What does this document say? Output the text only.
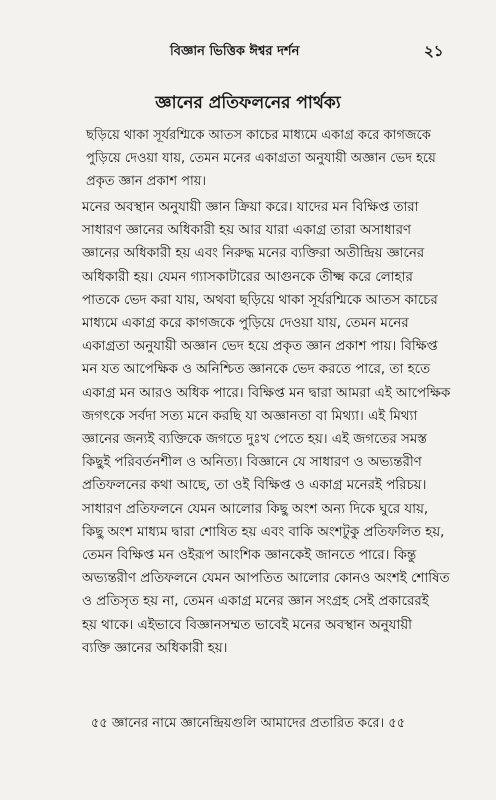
বিজ্ঞান ভিত্তিক ঈশ্বর দর্শন	২১
জ্ঞানের প্রতিফলনের পার্থক্য
ছড়িয়ে থাকা সূর্যরশ্মিকে আতস কাচের মাধ্যমে একাগ্র করে কাগজকে
পুড়িয়ে দেওয়া যায়, তেমন মনের একাগ্রতা অনুযায়ী অজ্ঞান ভেদ হয়ে
প্রকৃত জ্ঞান প্রকাশ পায়।
মনের অবস্থান অনুযায়ী জ্ঞান ক্রিয়া করে। যাদের মন বিক্ষিপ্ত তারা
সাধারণ জ্ঞানের অধিকারী হয় আর যারা একাগ্র তারা অসাধারণ
জ্ঞানের অধিকারী হয় এবং নিরুদ্ধ মনের ব্যক্তিরা অতীন্দ্রিয় জ্ঞানের
অধিকারী হয়। যেমন গ্যাসকাটারের আগুনকে তীক্ষ্ম করে লোহার
পাতকে ভেদ করা যায়, অথবা ছড়িয়ে থাকা সূর্যরশ্মিকে আতস কাচের
মাধ্যমে একাগ্র করে কাগজকে পুড়িয়ে দেওয়া যায়, তেমন মনের
একাগ্রতা অনুযায়ী অজ্ঞান ভেদ হয়ে প্রকৃত জ্ঞান প্রকাশ পায়। বিক্ষিপ্ত
মন যত আপেক্ষিক ও অনিশ্চিত জ্ঞানকে ভেদ করতে পারে, তা হতে
একাগ্র মন আরও অধিক পারে। বিক্ষিপ্ত মন দ্বারা আমরা এই আপেক্ষিক
জগৎকে সর্বদা সত্য মনে করছি যা অজ্ঞানতা বা মিথ্যা। এই মিথ্যা
জ্ঞানের জন্যই ব্যক্তিকে জগতে দুঃখ পেতে হয়। এই জগতের সমস্ত
কিছুই পরিবর্তনশীল ও অনিত্য। বিজ্ঞানে যে সাধারণ ও অভ্যন্তরীণ
প্রতিফলনের কথা আছে, তা ওই বিক্ষিপ্ত ও একাগ্র মনেরই পরিচয়।
সাধারণ প্রতিফলনে যেমন আলোর কিছু অংশ অন্য দিকে ঘুরে যায়,
কিছু অংশ মাধ্যম দ্বারা শোষিত হয় এবং বাকি অংশটুকু প্রতিফলিত হয়,
তেমন বিক্ষিপ্ত মন ওইরূপ আংশিক জ্ঞানকেই জানতে পারে। কিন্তু
অভ্যন্তরীণ প্রতিফলনে যেমন আপতিত আলোর কোনও অংশই শোষিত
ও প্রতিসৃত হয় না, তেমন একাগ্র মনের জ্ঞান সংগ্রহ সেই প্রকারেরই
হয় থাকে। এইভাবে বিজ্ঞানসম্মত ভাবেই মনের অবস্থান অনুযায়ী
ব্যক্তি জ্ঞানের অধিকারী হয়।
৫৫ জ্ঞানের নামে জ্ঞানেন্দ্রিয়গুলি আমাদের প্রতারিত করে। ৫৫
